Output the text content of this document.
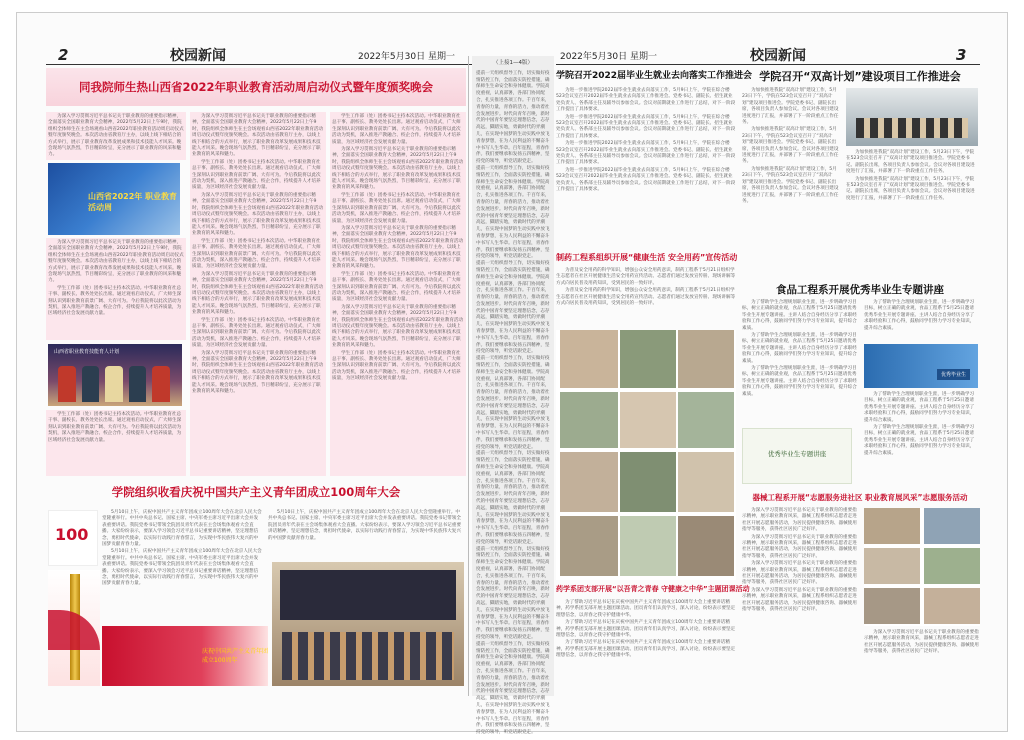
2	校园新闻	2022年5月30日 星期一	2022年5月30日 星期一	校园新闻	3
同我院师生热山西省2022年职业教育活动周启动仪式暨年度颁奖晚会

为深入学习贯彻习近平总书记关于职业教育的重要指示精神，全面落实全国职业教育大会精神，2022年5月22日上午9时，我院组织全体师生在主会场观看山西省2022年职业教育活动周启动仪式暨年度颁奖晚会。本次活动由省教育厅主办，以线上线下相结合的方式举行，展示了职业教育改革发展成果和技术技能人才风采。晚会现场气氛热烈，节目精彩纷呈，充分展示了职业教育的风采和魅力。

山西省2022年 职业教育活动周

为深入学习贯彻习近平总书记关于职业教育的重要指示精神，全面落实全国职业教育大会精神，2022年5月22日上午9时，我院组织全体师生在主会场观看山西省2022年职业教育活动周启动仪式暨年度颁奖晚会。本次活动由省教育厅主办，以线上线下相结合的方式举行，展示了职业教育改革发展成果和技术技能人才风采。晚会现场气氛热烈，节目精彩纷呈，充分展示了职业教育的风采和魅力。

学生工作部（处）团委书记主持本次活动。中华职业教育社总干事、副校长、教务处处长出席。通过观看启动仪式，广大师生深刻认识到职业教育前景广阔、大有可为。今后我院将以此次活动为契机，深入推进产教融合、校企合作，持续提升人才培养质量，为区域经济社会发展贡献力量。

山西省职业教育技能育人计划

学生工作部（处）团委书记主持本次活动。中华职业教育社总干事、副校长、教务处处长出席。通过观看启动仪式，广大师生深刻认识到职业教育前景广阔、大有可为。今后我院将以此次活动为契机，深入推进产教融合、校企合作，持续提升人才培养质量，为区域经济社会发展贡献力量。

为深入学习贯彻习近平总书记关于职业教育的重要指示精神，全面落实全国职业教育大会精神，2022年5月22日上午9时，我院组织全体师生在主会场观看山西省2022年职业教育活动周启动仪式暨年度颁奖晚会。本次活动由省教育厅主办，以线上线下相结合的方式举行，展示了职业教育改革发展成果和技术技能人才风采。晚会现场气氛热烈，节目精彩纷呈，充分展示了职业教育的风采和魅力。

学生工作部（处）团委书记主持本次活动。中华职业教育社总干事、副校长、教务处处长出席。通过观看启动仪式，广大师生深刻认识到职业教育前景广阔、大有可为。今后我院将以此次活动为契机，深入推进产教融合、校企合作，持续提升人才培养质量，为区域经济社会发展贡献力量。

为深入学习贯彻习近平总书记关于职业教育的重要指示精神，全面落实全国职业教育大会精神，2022年5月22日上午9时，我院组织全体师生在主会场观看山西省2022年职业教育活动周启动仪式暨年度颁奖晚会。本次活动由省教育厅主办，以线上线下相结合的方式举行，展示了职业教育改革发展成果和技术技能人才风采。晚会现场气氛热烈，节目精彩纷呈，充分展示了职业教育的风采和魅力。

学生工作部（处）团委书记主持本次活动。中华职业教育社总干事、副校长、教务处处长出席。通过观看启动仪式，广大师生深刻认识到职业教育前景广阔、大有可为。今后我院将以此次活动为契机，深入推进产教融合、校企合作，持续提升人才培养质量，为区域经济社会发展贡献力量。

为深入学习贯彻习近平总书记关于职业教育的重要指示精神，全面落实全国职业教育大会精神，2022年5月22日上午9时，我院组织全体师生在主会场观看山西省2022年职业教育活动周启动仪式暨年度颁奖晚会。本次活动由省教育厅主办，以线上线下相结合的方式举行，展示了职业教育改革发展成果和技术技能人才风采。晚会现场气氛热烈，节目精彩纷呈，充分展示了职业教育的风采和魅力。

学生工作部（处）团委书记主持本次活动。中华职业教育社总干事、副校长、教务处处长出席。通过观看启动仪式，广大师生深刻认识到职业教育前景广阔、大有可为。今后我院将以此次活动为契机，深入推进产教融合、校企合作，持续提升人才培养质量，为区域经济社会发展贡献力量。

为深入学习贯彻习近平总书记关于职业教育的重要指示精神，全面落实全国职业教育大会精神，2022年5月22日上午9时，我院组织全体师生在主会场观看山西省2022年职业教育活动周启动仪式暨年度颁奖晚会。本次活动由省教育厅主办，以线上线下相结合的方式举行，展示了职业教育改革发展成果和技术技能人才风采。晚会现场气氛热烈，节目精彩纷呈，充分展示了职业教育的风采和魅力。

学生工作部（处）团委书记主持本次活动。中华职业教育社总干事、副校长、教务处处长出席。通过观看启动仪式，广大师生深刻认识到职业教育前景广阔、大有可为。今后我院将以此次活动为契机，深入推进产教融合、校企合作，持续提升人才培养质量，为区域经济社会发展贡献力量。

为深入学习贯彻习近平总书记关于职业教育的重要指示精神，全面落实全国职业教育大会精神，2022年5月22日上午9时，我院组织全体师生在主会场观看山西省2022年职业教育活动周启动仪式暨年度颁奖晚会。本次活动由省教育厅主办，以线上线下相结合的方式举行，展示了职业教育改革发展成果和技术技能人才风采。晚会现场气氛热烈，节目精彩纷呈，充分展示了职业教育的风采和魅力。

学生工作部（处）团委书记主持本次活动。中华职业教育社总干事、副校长、教务处处长出席。通过观看启动仪式，广大师生深刻认识到职业教育前景广阔、大有可为。今后我院将以此次活动为契机，深入推进产教融合、校企合作，持续提升人才培养质量，为区域经济社会发展贡献力量。

为深入学习贯彻习近平总书记关于职业教育的重要指示精神，全面落实全国职业教育大会精神，2022年5月22日上午9时，我院组织全体师生在主会场观看山西省2022年职业教育活动周启动仪式暨年度颁奖晚会。本次活动由省教育厅主办，以线上线下相结合的方式举行，展示了职业教育改革发展成果和技术技能人才风采。晚会现场气氛热烈，节目精彩纷呈，充分展示了职业教育的风采和魅力。

学生工作部（处）团委书记主持本次活动。中华职业教育社总干事、副校长、教务处处长出席。通过观看启动仪式，广大师生深刻认识到职业教育前景广阔、大有可为。今后我院将以此次活动为契机，深入推进产教融合、校企合作，持续提升人才培养质量，为区域经济社会发展贡献力量。

为深入学习贯彻习近平总书记关于职业教育的重要指示精神，全面落实全国职业教育大会精神，2022年5月22日上午9时，我院组织全体师生在主会场观看山西省2022年职业教育活动周启动仪式暨年度颁奖晚会。本次活动由省教育厅主办，以线上线下相结合的方式举行，展示了职业教育改革发展成果和技术技能人才风采。晚会现场气氛热烈，节目精彩纷呈，充分展示了职业教育的风采和魅力。

学生工作部（处）团委书记主持本次活动。中华职业教育社总干事、副校长、教务处处长出席。通过观看启动仪式，广大师生深刻认识到职业教育前景广阔、大有可为。今后我院将以此次活动为契机，深入推进产教融合、校企合作，持续提升人才培养质量，为区域经济社会发展贡献力量。

学院组织收看庆祝中国共产主义青年团成立100周年大会
100

5月10日上午，庆祝中国共产主义青年团成立100周年大会在北京人民大会堂隆重举行。中共中央总书记、国家主席、中央军委主席习近平出席大会并发表重要讲话。我院党委书记带领全院团员青年代表在主会场集体观看大会直播。大家纷纷表示，要深入学习领会习近平总书记重要讲话精神，坚定理想信念，勇担时代使命，以实际行动践行青春誓言，为实现中华民族伟大复兴的中国梦贡献青春力量。

5月10日上午，庆祝中国共产主义青年团成立100周年大会在北京人民大会堂隆重举行。中共中央总书记、国家主席、中央军委主席习近平出席大会并发表重要讲话。我院党委书记带领全院团员青年代表在主会场集体观看大会直播。大家纷纷表示，要深入学习领会习近平总书记重要讲话精神，坚定理想信念，勇担时代使命，以实际行动践行青春誓言，为实现中华民族伟大复兴的中国梦贡献青春力量。

5月10日上午，庆祝中国共产主义青年团成立100周年大会在北京人民大会堂隆重举行。中共中央总书记、国家主席、中央军委主席习近平出席大会并发表重要讲话。我院党委书记带领全院团员青年代表在主会场集体观看大会直播。大家纷纷表示，要深入学习领会习近平总书记重要讲话精神，坚定理想信念，勇担时代使命，以实际行动践行青春誓言，为实现中华民族伟大复兴的中国梦贡献青春力量。

庆祝中国共产主义青年团成立100周年
（上接1—4版）

提前一天组织督导工作，切实做好疫情防控工作，全面落实防控措施，确保师生生命安全和身体健康。学院高度重视，认真部署，各部门协同配合，扎实推进各项工作。千百年来，青春的力量，青春的活力，推动着社会发展进步。时代向青年召唤，新时代的中国青年要坚定理想信念，志存高远，脚踏实地，勇做时代的弄潮儿，在实现中国梦的生动实践中放飞青春梦想，在为人民利益的不懈奋斗中书写人生华章。百年征程，青春作伴。我们要继承和发扬五四精神，坚持党的领导，听党话跟党走。

提前一天组织督导工作，切实做好疫情防控工作，全面落实防控措施，确保师生生命安全和身体健康。学院高度重视，认真部署，各部门协同配合，扎实推进各项工作。千百年来，青春的力量，青春的活力，推动着社会发展进步。时代向青年召唤，新时代的中国青年要坚定理想信念，志存高远，脚踏实地，勇做时代的弄潮儿，在实现中国梦的生动实践中放飞青春梦想，在为人民利益的不懈奋斗中书写人生华章。百年征程，青春作伴。我们要继承和发扬五四精神，坚持党的领导，听党话跟党走。

提前一天组织督导工作，切实做好疫情防控工作，全面落实防控措施，确保师生生命安全和身体健康。学院高度重视，认真部署，各部门协同配合，扎实推进各项工作。千百年来，青春的力量，青春的活力，推动着社会发展进步。时代向青年召唤，新时代的中国青年要坚定理想信念，志存高远，脚踏实地，勇做时代的弄潮儿，在实现中国梦的生动实践中放飞青春梦想，在为人民利益的不懈奋斗中书写人生华章。百年征程，青春作伴。我们要继承和发扬五四精神，坚持党的领导，听党话跟党走。

提前一天组织督导工作，切实做好疫情防控工作，全面落实防控措施，确保师生生命安全和身体健康。学院高度重视，认真部署，各部门协同配合，扎实推进各项工作。千百年来，青春的力量，青春的活力，推动着社会发展进步。时代向青年召唤，新时代的中国青年要坚定理想信念，志存高远，脚踏实地，勇做时代的弄潮儿，在实现中国梦的生动实践中放飞青春梦想，在为人民利益的不懈奋斗中书写人生华章。百年征程，青春作伴。我们要继承和发扬五四精神，坚持党的领导，听党话跟党走。

提前一天组织督导工作，切实做好疫情防控工作，全面落实防控措施，确保师生生命安全和身体健康。学院高度重视，认真部署，各部门协同配合，扎实推进各项工作。千百年来，青春的力量，青春的活力，推动着社会发展进步。时代向青年召唤，新时代的中国青年要坚定理想信念，志存高远，脚踏实地，勇做时代的弄潮儿，在实现中国梦的生动实践中放飞青春梦想，在为人民利益的不懈奋斗中书写人生华章。百年征程，青春作伴。我们要继承和发扬五四精神，坚持党的领导，听党话跟党走。

提前一天组织督导工作，切实做好疫情防控工作，全面落实防控措施，确保师生生命安全和身体健康。学院高度重视，认真部署，各部门协同配合，扎实推进各项工作。千百年来，青春的力量，青春的活力，推动着社会发展进步。时代向青年召唤，新时代的中国青年要坚定理想信念，志存高远，脚踏实地，勇做时代的弄潮儿，在实现中国梦的生动实践中放飞青春梦想，在为人民利益的不懈奋斗中书写人生华章。百年征程，青春作伴。我们要继承和发扬五四精神，坚持党的领导，听党话跟党走。

提前一天组织督导工作，切实做好疫情防控工作，全面落实防控措施，确保师生生命安全和身体健康。学院高度重视，认真部署，各部门协同配合，扎实推进各项工作。千百年来，青春的力量，青春的活力，推动着社会发展进步。时代向青年召唤，新时代的中国青年要坚定理想信念，志存高远，脚踏实地，勇做时代的弄潮儿，在实现中国梦的生动实践中放飞青春梦想，在为人民利益的不懈奋斗中书写人生华章。百年征程，青春作伴。我们要继承和发扬五四精神，坚持党的领导，听党话跟党走。

学院召开2022届毕业生就业去向落实工作推进会

为进一步推进学院2022届毕业生就业去向落实工作，5月9日上午，学院在综合楼523会议室召开2022届毕业生就业去向落实工作推进会。党委书记、副院长、招生就业处负责人、各系部主任及辅导员参加会议。会议对前期就业工作进行了总结，对下一阶段工作提出了具体要求。

为进一步推进学院2022届毕业生就业去向落实工作，5月9日上午，学院在综合楼523会议室召开2022届毕业生就业去向落实工作推进会。党委书记、副院长、招生就业处负责人、各系部主任及辅导员参加会议。会议对前期就业工作进行了总结，对下一阶段工作提出了具体要求。

为进一步推进学院2022届毕业生就业去向落实工作，5月9日上午，学院在综合楼523会议室召开2022届毕业生就业去向落实工作推进会。党委书记、副院长、招生就业处负责人、各系部主任及辅导员参加会议。会议对前期就业工作进行了总结，对下一阶段工作提出了具体要求。

为进一步推进学院2022届毕业生就业去向落实工作，5月9日上午，学院在综合楼523会议室召开2022届毕业生就业去向落实工作推进会。党委书记、副院长、招生就业处负责人、各系部主任及辅导员参加会议。会议对前期就业工作进行了总结，对下一阶段工作提出了具体要求。

学院召开“双高计划”建设项目工作推进会

为加快推进我院“双高计划”建设工作，5月23日下午，学院在523会议室召开了“双高计划”建设项目推进会。学院党委书记、副院长出席，各项目负责人参加会议。会议对各项目建设进度进行了汇报，并部署了下一阶段重点工作任务。

为加快推进我院“双高计划”建设工作，5月23日下午，学院在523会议室召开了“双高计划”建设项目推进会。学院党委书记、副院长出席，各项目负责人参加会议。会议对各项目建设进度进行了汇报，并部署了下一阶段重点工作任务。

为加快推进我院“双高计划”建设工作，5月23日下午，学院在523会议室召开了“双高计划”建设项目推进会。学院党委书记、副院长出席，各项目负责人参加会议。会议对各项目建设进度进行了汇报，并部署了下一阶段重点工作任务。

为加快推进我院“双高计划”建设工作，5月23日下午，学院在523会议室召开了“双高计划”建设项目推进会。学院党委书记、副院长出席，各项目负责人参加会议。会议对各项目建设进度进行了汇报，并部署了下一阶段重点工作任务。

为加快推进我院“双高计划”建设工作，5月23日下午，学院在523会议室召开了“双高计划”建设项目推进会。学院党委书记、副院长出席，各项目负责人参加会议。会议对各项目建设进度进行了汇报，并部署了下一阶段重点工作任务。

制药工程系组织开展“健康生活 安全用药”宣传活动

为普及安全用药的科学知识，增强公众安全用药意识，制药工程系于5月21日组织学生志愿者在社区开展健康生活安全用药宣传活动。志愿者们通过发放宣传册、现场讲解等方式向居民普及用药知识，受到居民的一致好评。

为普及安全用药的科学知识，增强公众安全用药意识，制药工程系于5月21日组织学生志愿者在社区开展健康生活安全用药宣传活动。志愿者们通过发放宣传册、现场讲解等方式向居民普及用药知识，受到居民的一致好评。

药学系团支部开展“以吾青之青春 守健康之中华”主题团课活动

为了帮助习近平总书记在庆祝中国共产主义青年团成立100周年大会上重要讲话精神，药学系团支部开展主题团课活动。团员青年们认真学习，深入讨论，纷纷表示要坚定理想信念，以青春之我守护健康中华。

为了帮助习近平总书记在庆祝中国共产主义青年团成立100周年大会上重要讲话精神，药学系团支部开展主题团课活动。团员青年们认真学习，深入讨论，纷纷表示要坚定理想信念，以青春之我守护健康中华。

为了帮助习近平总书记在庆祝中国共产主义青年团成立100周年大会上重要讲话精神，药学系团支部开展主题团课活动。团员青年们认真学习，深入讨论，纷纷表示要坚定理想信念，以青春之我守护健康中华。

食品工程系开展优秀毕业生专题讲座

为了帮助学生合理规划职业生涯，进一步明确学习目标，树立正确的就业观，食品工程系于5月25日邀请优秀毕业生开展专题讲座。主讲人结合自身经历分享了求职经验和工作心得，鼓励同学们努力学习专业知识，提升综合素质。

为了帮助学生合理规划职业生涯，进一步明确学习目标，树立正确的就业观，食品工程系于5月25日邀请优秀毕业生开展专题讲座。主讲人结合自身经历分享了求职经验和工作心得，鼓励同学们努力学习专业知识，提升综合素质。

为了帮助学生合理规划职业生涯，进一步明确学习目标，树立正确的就业观，食品工程系于5月25日邀请优秀毕业生开展专题讲座。主讲人结合自身经历分享了求职经验和工作心得，鼓励同学们努力学习专业知识，提升综合素质。

为了帮助学生合理规划职业生涯，进一步明确学习目标，树立正确的就业观，食品工程系于5月25日邀请优秀毕业生开展专题讲座。主讲人结合自身经历分享了求职经验和工作心得，鼓励同学们努力学习专业知识，提升综合素质。

优秀毕业生
优秀毕业生专题讲座

为了帮助学生合理规划职业生涯，进一步明确学习目标，树立正确的就业观，食品工程系于5月25日邀请优秀毕业生开展专题讲座。主讲人结合自身经历分享了求职经验和工作心得，鼓励同学们努力学习专业知识，提升综合素质。

为了帮助学生合理规划职业生涯，进一步明确学习目标，树立正确的就业观，食品工程系于5月25日邀请优秀毕业生开展专题讲座。主讲人结合自身经历分享了求职经验和工作心得，鼓励同学们努力学习专业知识，提升综合素质。

器械工程系开展“志愿服务进社区 职业教育展风采”志愿服务活动

为深入学习贯彻习近平总书记关于职业教育的重要指示精神，展示职业教育风采，器械工程系组织志愿者走进社区开展志愿服务活动，为居民提供健康咨询、器械使用指导等服务，获得社区居民广泛好评。

为深入学习贯彻习近平总书记关于职业教育的重要指示精神，展示职业教育风采，器械工程系组织志愿者走进社区开展志愿服务活动，为居民提供健康咨询、器械使用指导等服务，获得社区居民广泛好评。

为深入学习贯彻习近平总书记关于职业教育的重要指示精神，展示职业教育风采，器械工程系组织志愿者走进社区开展志愿服务活动，为居民提供健康咨询、器械使用指导等服务，获得社区居民广泛好评。

为深入学习贯彻习近平总书记关于职业教育的重要指示精神，展示职业教育风采，器械工程系组织志愿者走进社区开展志愿服务活动，为居民提供健康咨询、器械使用指导等服务，获得社区居民广泛好评。

为深入学习贯彻习近平总书记关于职业教育的重要指示精神，展示职业教育风采，器械工程系组织志愿者走进社区开展志愿服务活动，为居民提供健康咨询、器械使用指导等服务，获得社区居民广泛好评。
